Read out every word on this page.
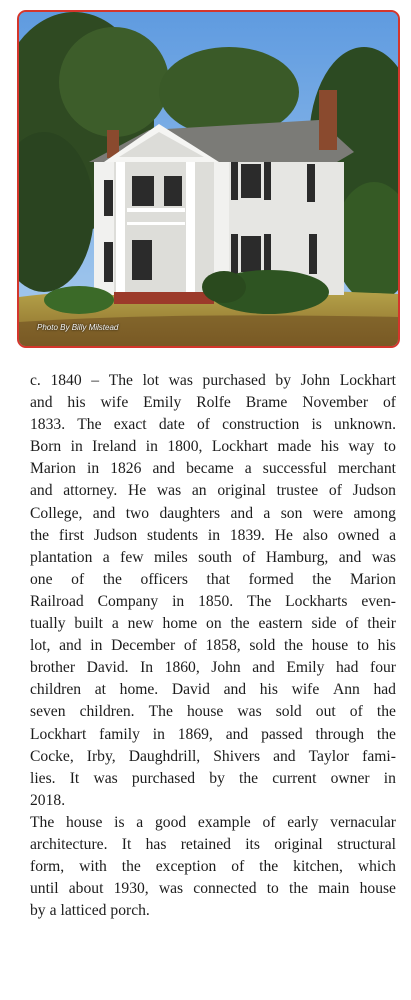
Photo By Billy Milstead
c. 1840 – The lot was purchased by John Lockhart
and his wife Emily Rolfe Brame November of
1833. The exact date of construction is unknown.
Born in Ireland in 1800, Lockhart made his way to
Marion in 1826 and became a successful merchant
and attorney. He was an original trustee of Judson
College, and two daughters and a son were among
the first Judson students in 1839. He also owned a
plantation a few miles south of Hamburg, and was
one of the officers that formed the Marion
Railroad Company in 1850. The Lockharts even-
tually built a new home on the eastern side of their
lot, and in December of 1858, sold the house to his
brother David. In 1860, John and Emily had four
children at home. David and his wife Ann had
seven children. The house was sold out of the
Lockhart family in 1869, and passed through the
Cocke, Irby, Daughdrill, Shivers and Taylor fami-
lies. It was purchased by the current owner in
2018.
The house is a good example of early vernacular
architecture. It has retained its original structural
form, with the exception of the kitchen, which
until about 1930, was connected to the main house
by a latticed porch.
